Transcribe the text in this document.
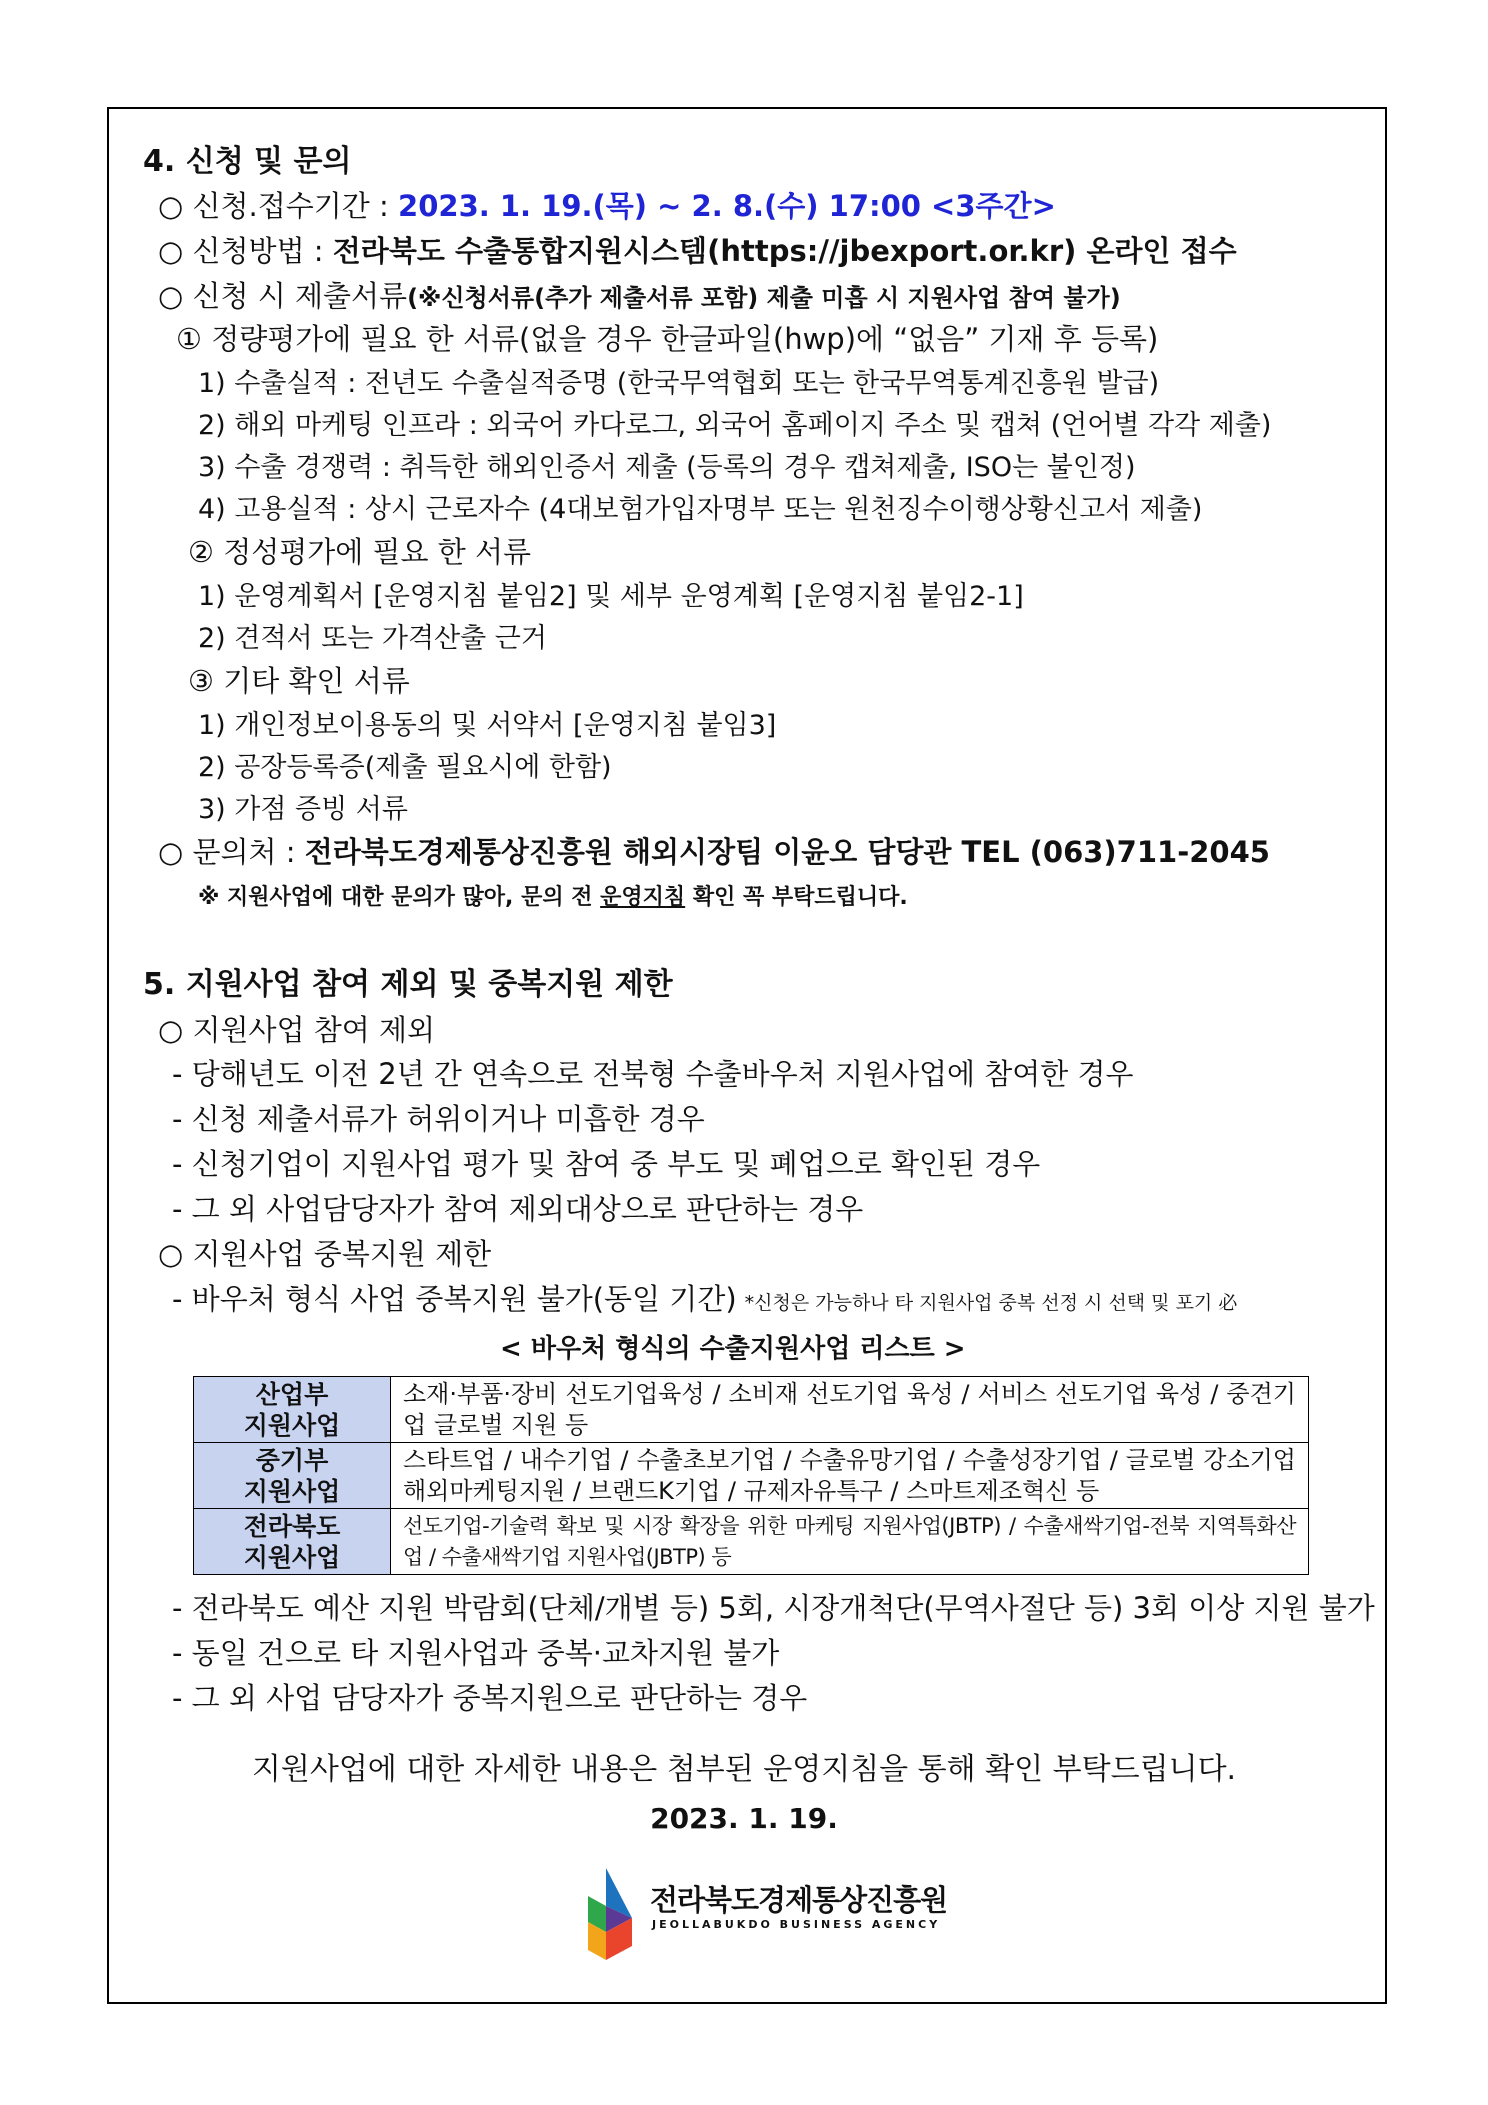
4. 신청 및 문의
○ 신청.접수기간 : 2023. 1. 19.(목) ~ 2. 8.(수) 17:00 <3주간>
○ 신청방법 : 전라북도 수출통합지원시스템(https://jbexport.or.kr) 온라인 접수
○ 신청 시 제출서류(※신청서류(추가 제출서류 포함) 제출 미흡 시 지원사업 참여 불가)
① 정량평가에 필요 한 서류(없을 경우 한글파일(hwp)에 “없음” 기재 후 등록)
1) 수출실적 : 전년도 수출실적증명 (한국무역협회 또는 한국무역통계진흥원 발급)
2) 해외 마케팅 인프라 : 외국어 카다로그, 외국어 홈페이지 주소 및 캡쳐 (언어별 각각 제출)
3) 수출 경쟁력 : 취득한 해외인증서 제출 (등록의 경우 캡쳐제출, ISO는 불인정)
4) 고용실적 : 상시 근로자수 (4대보험가입자명부 또는 원천징수이행상황신고서 제출)
② 정성평가에 필요 한 서류
1) 운영계획서 [운영지침 붙임2] 및 세부 운영계획 [운영지침 붙임2-1]
2) 견적서 또는 가격산출 근거
③ 기타 확인 서류
1) 개인정보이용동의 및 서약서 [운영지침 붙임3]
2) 공장등록증(제출 필요시에 한함)
3) 가점 증빙 서류
○ 문의처 : 전라북도경제통상진흥원 해외시장팀 이윤오 담당관 TEL (063)711-2045
※ 지원사업에 대한 문의가 많아, 문의 전 운영지침 확인 꼭 부탁드립니다.
5. 지원사업 참여 제외 및 중복지원 제한
○ 지원사업 참여 제외
- 당해년도 이전 2년 간 연속으로 전북형 수출바우처 지원사업에 참여한 경우
- 신청 제출서류가 허위이거나 미흡한 경우
- 신청기업이 지원사업 평가 및 참여 중 부도 및 폐업으로 확인된 경우
- 그 외 사업담당자가 참여 제외대상으로 판단하는 경우
○ 지원사업 중복지원 제한
- 바우처 형식 사업 중복지원 불가(동일 기간) *신청은 가능하나 타 지원사업 중복 선정 시 선택 및 포기 必
< 바우처 형식의 수출지원사업 리스트 >
산업부
지원사업	소재·부품·장비 선도기업육성 / 소비재 선도기업 육성 / 서비스 선도기업 육성 / 중견기업 글로벌 지원 등
중기부
지원사업	스타트업 / 내수기업 / 수출초보기업 / 수출유망기업 / 수출성장기업 / 글로벌 강소기업 해외마케팅지원 / 브랜드K기업 / 규제자유특구 / 스마트제조혁신 등
전라북도
지원사업	선도기업-기술력 확보 및 시장 확장을 위한 마케팅 지원사업(JBTP) / 수출새싹기업-전북 지역특화산업 / 수출새싹기업 지원사업(JBTP) 등
- 전라북도 예산 지원 박람회(단체/개별 등) 5회, 시장개척단(무역사절단 등) 3회 이상 지원 불가
- 동일 건으로 타 지원사업과 중복·교차지원 불가
- 그 외 사업 담당자가 중복지원으로 판단하는 경우
지원사업에 대한 자세한 내용은 첨부된 운영지침을 통해 확인 부탁드립니다.
2023. 1. 19.
전라북도경제통상진흥원
JEOLLABUKDO BUSINESS AGENCY
